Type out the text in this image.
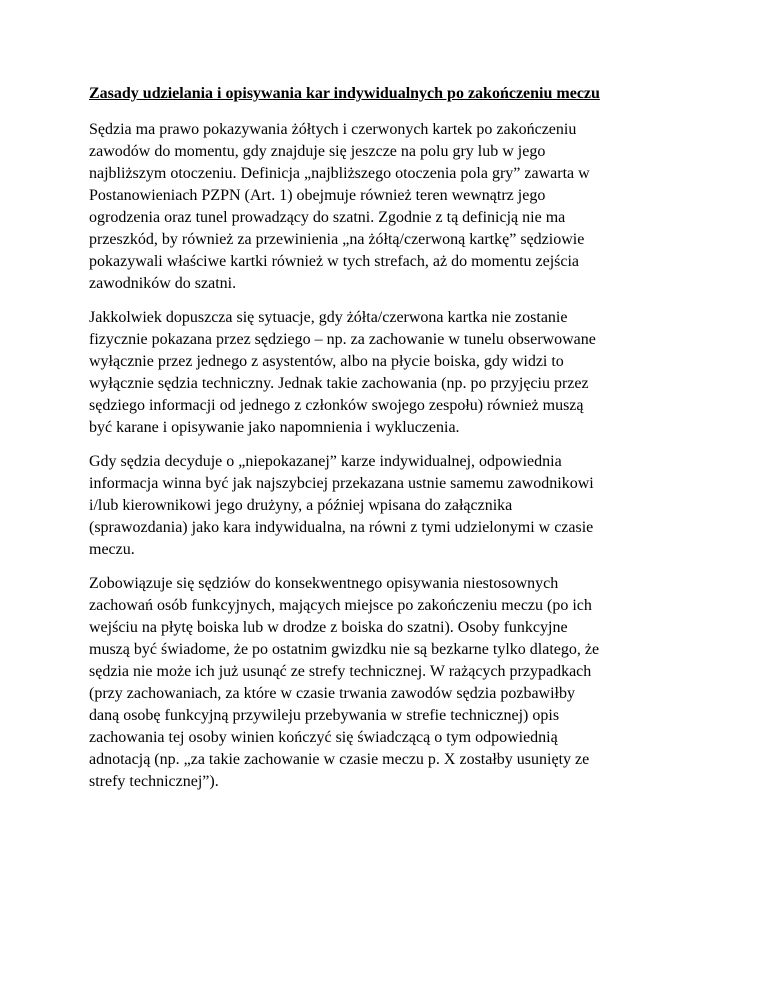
Zasady udzielania i opisywania kar indywidualnych po zakończeniu meczu
Sędzia ma prawo pokazywania żółtych i czerwonych kartek po zakończeniu
zawodów do momentu, gdy znajduje się jeszcze na polu gry lub w jego
najbliższym otoczeniu. Definicja „najbliższego otoczenia pola gry” zawarta w
Postanowieniach PZPN (Art. 1) obejmuje również teren wewnątrz jego
ogrodzenia oraz tunel prowadzący do szatni. Zgodnie z tą definicją nie ma
przeszkód, by również za przewinienia „na żółtą/czerwoną kartkę” sędziowie
pokazywali właściwe kartki również w tych strefach, aż do momentu zejścia
zawodników do szatni.
Jakkolwiek dopuszcza się sytuacje, gdy żółta/czerwona kartka nie zostanie
fizycznie pokazana przez sędziego – np. za zachowanie w tunelu obserwowane
wyłącznie przez jednego z asystentów, albo na płycie boiska, gdy widzi to
wyłącznie sędzia techniczny. Jednak takie zachowania (np. po przyjęciu przez
sędziego informacji od jednego z członków swojego zespołu) również muszą
być karane i opisywanie jako napomnienia i wykluczenia.
Gdy sędzia decyduje o „niepokazanej” karze indywidualnej, odpowiednia
informacja winna być jak najszybciej przekazana ustnie samemu zawodnikowi
i/lub kierownikowi jego drużyny, a później wpisana do załącznika
(sprawozdania) jako kara indywidualna, na równi z tymi udzielonymi w czasie
meczu.
Zobowiązuje się sędziów do konsekwentnego opisywania niestosownych
zachowań osób funkcyjnych, mających miejsce po zakończeniu meczu (po ich
wejściu na płytę boiska lub w drodze z boiska do szatni). Osoby funkcyjne
muszą być świadome, że po ostatnim gwizdku nie są bezkarne tylko dlatego, że
sędzia nie może ich już usunąć ze strefy technicznej. W rażących przypadkach
(przy zachowaniach, za które w czasie trwania zawodów sędzia pozbawiłby
daną osobę funkcyjną przywileju przebywania w strefie technicznej) opis
zachowania tej osoby winien kończyć się świadczącą o tym odpowiednią
adnotacją (np. „za takie zachowanie w czasie meczu p. X zostałby usunięty ze
strefy technicznej”).
